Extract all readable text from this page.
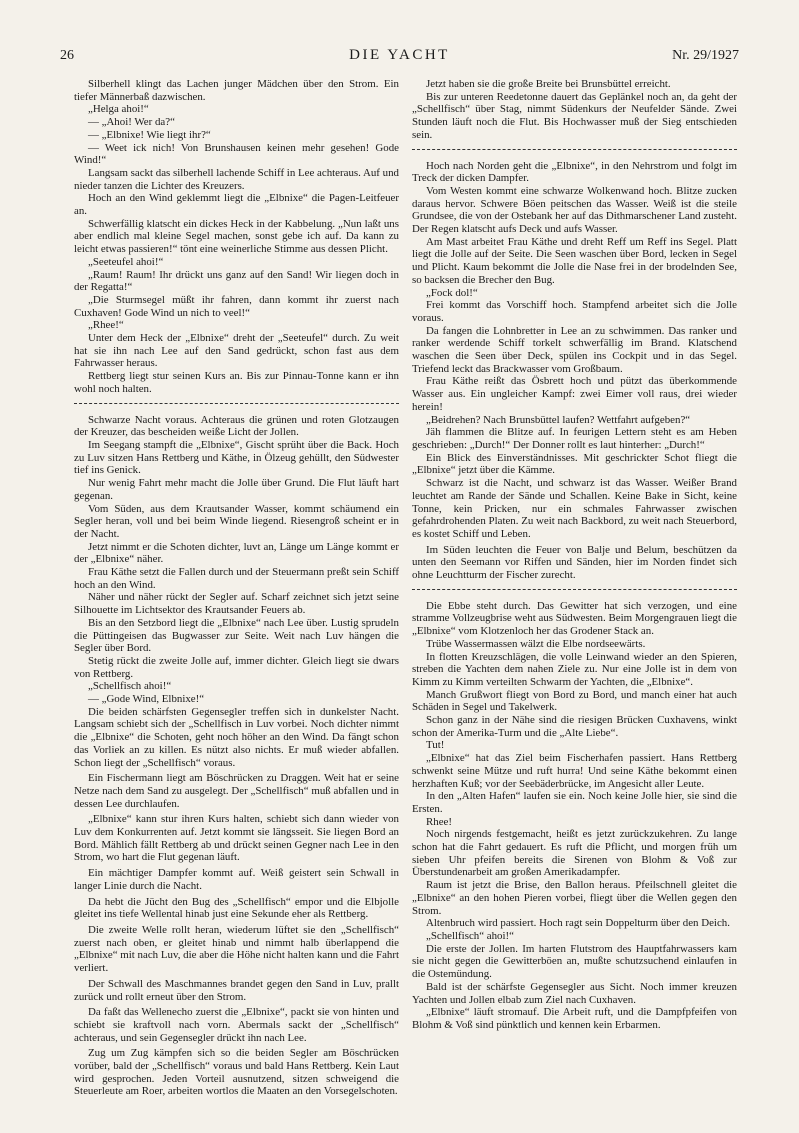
26	DIE YACHT	Nr. 29/1927

Silberhell klingt das Lachen junger Mädchen über den Strom. Ein tiefer Männerbaß dazwischen.

„Helga ahoi!“

— „Ahoi! Wer da?“

— „Elbnixe! Wie liegt ihr?“

— Weet ick nich! Von Brunshausen keinen mehr gesehen! Gode Wind!“

Langsam sackt das silberhell lachende Schiff in Lee achteraus. Auf und nieder tanzen die Lichter des Kreuzers.

Hoch an den Wind geklemmt liegt die „Elbnixe“ die Pagen-Leitfeuer an.

Schwerfällig klatscht ein dickes Heck in der Kabbelung. „Nun laßt uns aber endlich mal kleine Segel machen, sonst gebe ich auf. Da kann zu leicht etwas passieren!“ tönt eine weinerliche Stimme aus dessen Plicht.

„Seeteufel ahoi!“

„Raum! Raum! Ihr drückt uns ganz auf den Sand! Wir liegen doch in der Regatta!“

„Die Sturmsegel müßt ihr fahren, dann kommt ihr zuerst nach Cuxhaven! Gode Wind un nich to veel!“

„Rhee!“

Unter dem Heck der „Elbnixe“ dreht der „Seeteufel“ durch. Zu weit hat sie ihn nach Lee auf den Sand gedrückt, schon fast aus dem Fahrwasser heraus.

Rettberg liegt stur seinen Kurs an. Bis zur Pinnau-Tonne kann er ihn wohl noch halten.

Schwarze Nacht voraus. Achteraus die grünen und roten Glotzaugen der Kreuzer, das bescheiden weiße Licht der Jollen.

Im Seegang stampft die „Elbnixe“, Gischt sprüht über die Back. Hoch zu Luv sitzen Hans Rettberg und Käthe, in Ölzeug gehüllt, den Südwester tief ins Genick.

Nur wenig Fahrt mehr macht die Jolle über Grund. Die Flut läuft hart gegenan.

Vom Süden, aus dem Krautsander Wasser, kommt schäumend ein Segler heran, voll und bei beim Winde liegend. Riesengroß scheint er in der Nacht.

Jetzt nimmt er die Schoten dichter, luvt an, Länge um Länge kommt er der „Elbnixe“ näher.

Frau Käthe setzt die Fallen durch und der Steuermann preßt sein Schiff hoch an den Wind.

Näher und näher rückt der Segler auf. Scharf zeichnet sich jetzt seine Silhouette im Lichtsektor des Krautsander Feuers ab.

Bis an den Setzbord liegt die „Elbnixe“ nach Lee über. Lustig sprudeln die Püttingeisen das Bugwasser zur Seite. Weit nach Luv hängen die Segler über Bord.

Stetig rückt die zweite Jolle auf, immer dichter. Gleich liegt sie dwars von Rettberg.

„Schellfisch ahoi!“

— „Gode Wind, Elbnixe!“

Die beiden schärfsten Gegensegler treffen sich in dunkelster Nacht. Langsam schiebt sich der „Schellfisch in Luv vorbei. Noch dichter nimmt die „Elbnixe“ die Schoten, geht noch höher an den Wind. Da fängt schon das Vorliek an zu killen. Es nützt also nichts. Er muß wieder abfallen. Schon liegt der „Schellfisch“ voraus.

Ein Fischermann liegt am Böschrücken zu Draggen. Weit hat er seine Netze nach dem Sand zu ausgelegt. Der „Schellfisch“ muß abfallen und in dessen Lee durchlaufen.

„Elbnixe“ kann stur ihren Kurs halten, schiebt sich dann wieder von Luv dem Konkurrenten auf. Jetzt kommt sie längsseit. Sie liegen Bord an Bord. Mählich fällt Rettberg ab und drückt seinen Gegner nach Lee in den Strom, wo hart die Flut gegenan läuft.

Ein mächtiger Dampfer kommt auf. Weiß geistert sein Schwall in langer Linie durch die Nacht.

Da hebt die Jücht den Bug des „Schellfisch“ empor und die Elbjolle gleitet ins tiefe Wellental hinab just eine Sekunde eher als Rettberg.

Die zweite Welle rollt heran, wiederum lüftet sie den „Schellfisch“ zuerst nach oben, er gleitet hinab und nimmt halb überlappend die „Elbnixe“ mit nach Luv, die aber die Höhe nicht halten kann und die Fahrt verliert.

Der Schwall des Maschmannes brandet gegen den Sand in Luv, prallt zurück und rollt erneut über den Strom.

Da faßt das Wellenecho zuerst die „Elbnixe“, packt sie von hinten und schiebt sie kraftvoll nach vorn. Abermals sackt der „Schellfisch“ achteraus, und sein Gegensegler drückt ihn nach Lee.

Zug um Zug kämpfen sich so die beiden Segler am Böschrücken vorüber, bald der „Schellfisch“ voraus und bald Hans Rettberg. Kein Laut wird gesprochen. Jeden Vorteil ausnutzend, sitzen schweigend die Steuerleute am Roer, arbeiten wortlos die Maaten an den Vorsegelschoten.

Jetzt haben sie die große Breite bei Brunsbüttel erreicht.

Bis zur unteren Reedetonne dauert das Geplänkel noch an, da geht der „Schellfisch“ über Stag, nimmt Südenkurs der Neufelder Sände. Zwei Stunden läuft noch die Flut. Bis Hochwasser muß der Sieg entschieden sein.

Hoch nach Norden geht die „Elbnixe“, in den Nehrstrom und folgt im Treck der dicken Dampfer.

Vom Westen kommt eine schwarze Wolkenwand hoch. Blitze zucken daraus hervor. Schwere Böen peitschen das Wasser. Weiß ist die steile Grundsee, die von der Ostebank her auf das Dithmarschener Land zusteht. Der Regen klatscht aufs Deck und aufs Wasser.

Am Mast arbeitet Frau Käthe und dreht Reff um Reff ins Segel. Platt liegt die Jolle auf der Seite. Die Seen waschen über Bord, lecken in Segel und Plicht. Kaum bekommt die Jolle die Nase frei in der brodelnden See, so backsen die Brecher den Bug.

„Fock dol!“

Frei kommt das Vorschiff hoch. Stampfend arbeitet sich die Jolle voraus.

Da fangen die Lohnbretter in Lee an zu schwimmen. Das ranker und ranker werdende Schiff torkelt schwerfällig im Brand. Klatschend waschen die Seen über Deck, spülen ins Cockpit und in das Segel. Triefend leckt das Brackwasser vom Großbaum.

Frau Käthe reißt das Ösbrett hoch und pützt das überkommende Wasser aus. Ein ungleicher Kampf: zwei Eimer voll raus, drei wieder herein!

„Beidrehen? Nach Brunsbüttel laufen? Wettfahrt aufgeben?“

Jäh flammen die Blitze auf. In feurigen Lettern steht es am Heben geschrieben: „Durch!“ Der Donner rollt es laut hinterher: „Durch!“

Ein Blick des Einverständnisses. Mit geschrickter Schot fliegt die „Elbnixe“ jetzt über die Kämme.

Schwarz ist die Nacht, und schwarz ist das Wasser. Weißer Brand leuchtet am Rande der Sände und Schallen. Keine Bake in Sicht, keine Tonne, kein Pricken, nur ein schmales Fahrwasser zwischen gefahrdrohenden Platen. Zu weit nach Backbord, zu weit nach Steuerbord, es kostet Schiff und Leben.

Im Süden leuchten die Feuer von Balje und Belum, beschützen da unten den Seemann vor Riffen und Sänden, hier im Norden findet sich ohne Leuchtturm der Fischer zurecht.

Die Ebbe steht durch. Das Gewitter hat sich verzogen, und eine stramme Vollzeugbrise weht aus Südwesten. Beim Morgengrauen liegt die „Elbnixe“ vom Klotzenloch her das Grodener Stack an.

Trübe Wassermassen wälzt die Elbe nordseewärts.

In flotten Kreuzschlägen, die volle Leinwand wieder an den Spieren, streben die Yachten dem nahen Ziele zu. Nur eine Jolle ist in dem von Kimm zu Kimm verteilten Schwarm der Yachten, die „Elbnixe“.

Manch Grußwort fliegt von Bord zu Bord, und manch einer hat auch Schäden in Segel und Takelwerk.

Schon ganz in der Nähe sind die riesigen Brücken Cuxhavens, winkt schon der Amerika-Turm und die „Alte Liebe“.

Tut!

„Elbnixe“ hat das Ziel beim Fischerhafen passiert. Hans Rettberg schwenkt seine Mütze und ruft hurra! Und seine Käthe bekommt einen herzhaften Kuß; vor der Seebäderbrücke, im Angesicht aller Leute.

In den „Alten Hafen“ laufen sie ein. Noch keine Jolle hier, sie sind die Ersten.

Rhee!

Noch nirgends festgemacht, heißt es jetzt zurückzukehren. Zu lange schon hat die Fahrt gedauert. Es ruft die Pflicht, und morgen früh um sieben Uhr pfeifen bereits die Sirenen von Blohm & Voß zur Überstundenarbeit am großen Amerikadampfer.

Raum ist jetzt die Brise, den Ballon heraus. Pfeilschnell gleitet die „Elbnixe“ an den hohen Pieren vorbei, fliegt über die Wellen gegen den Strom.

Altenbruch wird passiert. Hoch ragt sein Doppelturm über den Deich.

„Schellfisch“ ahoi!“

Die erste der Jollen. Im harten Flutstrom des Hauptfahrwassers kam sie nicht gegen die Gewitterböen an, mußte schutzsuchend einlaufen in die Ostemündung.

Bald ist der schärfste Gegensegler aus Sicht. Noch immer kreuzen Yachten und Jollen elbab zum Ziel nach Cuxhaven.

„Elbnixe“ läuft stromauf. Die Arbeit ruft, und die Dampfpfeifen von Blohm & Voß sind pünktlich und kennen kein Erbarmen.
